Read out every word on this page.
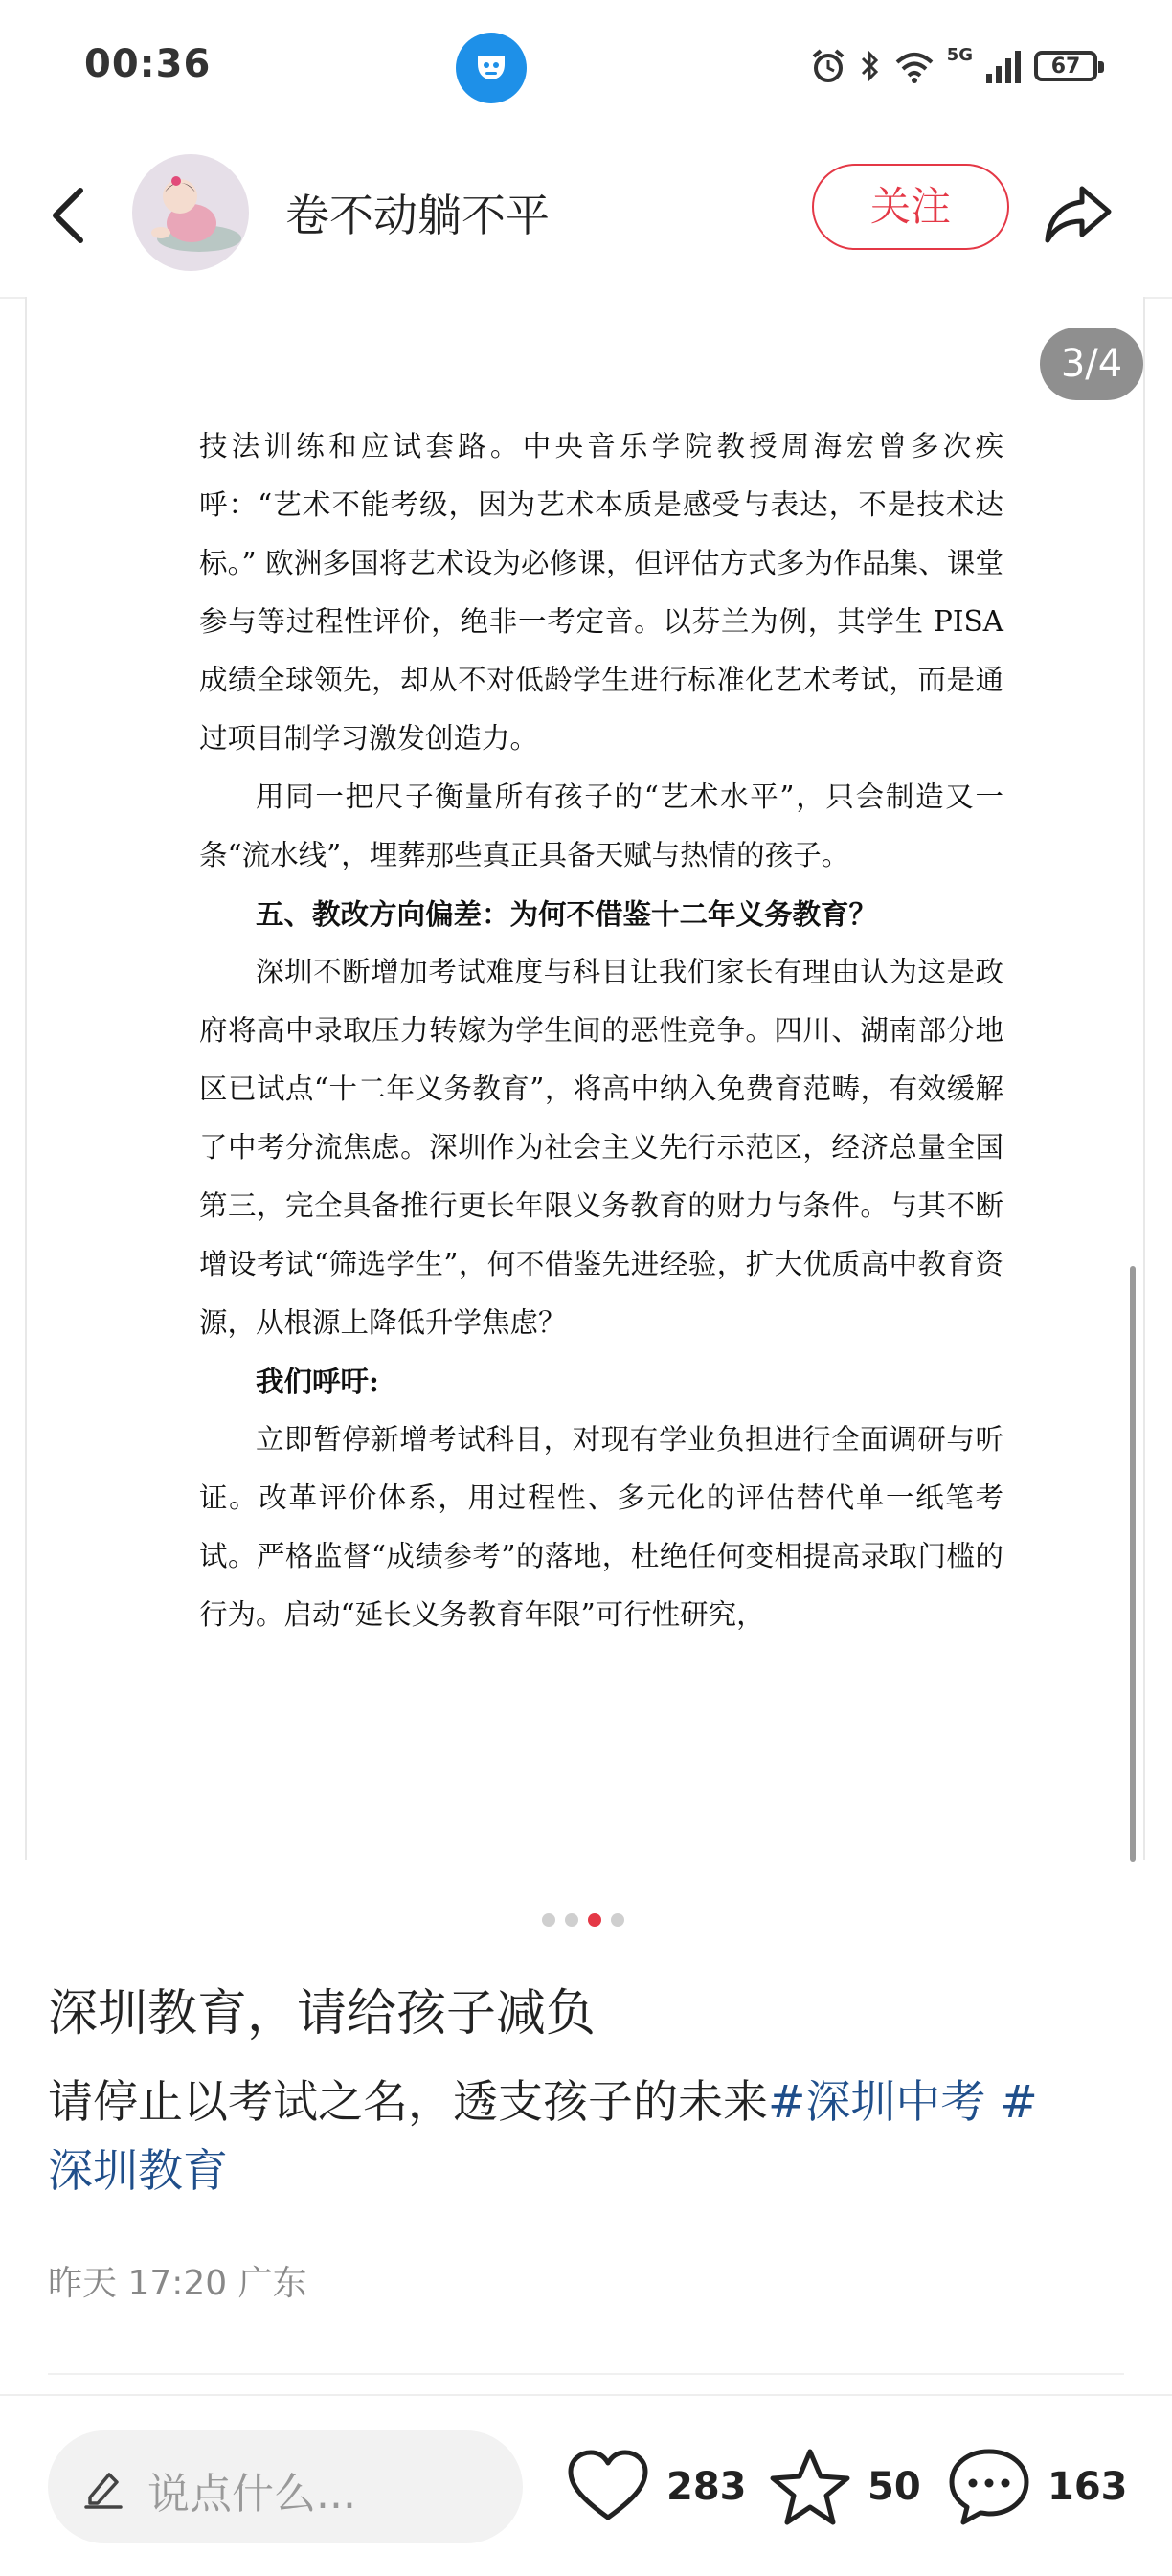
00:36	5G	67
卷不动躺不平	关注
3/4

技法训练和应试套路。中央音乐学院教授周海宏曾多次疾呼：“艺术不能考级，因为艺术本质是感受与表达，不是技术达标。” 欧洲多国将艺术设为必修课，但评估方式多为作品集、课堂参与等过程性评价，绝非一考定音。以芬兰为例，其学生 PISA 成绩全球领先，却从不对低龄学生进行标准化艺术考试，而是通过项目制学习激发创造力。

用同一把尺子衡量所有孩子的“艺术水平”，只会制造又一条“流水线”，埋葬那些真正具备天赋与热情的孩子。

五、教改方向偏差：为何不借鉴十二年义务教育？

深圳不断增加考试难度与科目让我们家长有理由认为这是政府将高中录取压力转嫁为学生间的恶性竞争。四川、湖南部分地区已试点“十二年义务教育”，将高中纳入免费育范畴，有效缓解了中考分流焦虑。深圳作为社会主义先行示范区，经济总量全国第三，完全具备推行更长年限义务教育的财力与条件。与其不断增设考试“筛选学生”，何不借鉴先进经验，扩大优质高中教育资源，从根源上降低升学焦虑？

我们呼吁:

立即暂停新增考试科目，对现有学业负担进行全面调研与听证。改革评价体系，用过程性、多元化的评估替代单一纸笔考试。严格监督“成绩参考”的落地，杜绝任何变相提高录取门槛的行为。启动“延长义务教育年限”可行性研究，

深圳教育，请给孩子减负
请停止以考试之名，透支孩子的未来#深圳中考 #
深圳教育
昨天 17:20 广东
说点什么...	283	50	163
